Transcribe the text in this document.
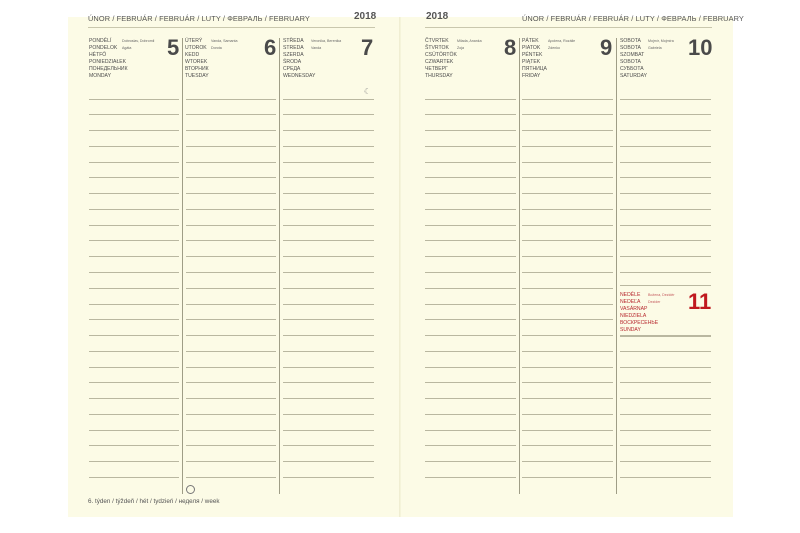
ÚNOR / FEBRUÁR / FEBRUÁR / LUTY / ФЕВРАЛЬ / FEBRUARY	2018	2018	ÚNOR / FEBRUÁR / FEBRUÁR / LUTY / ФЕВРАЛЬ / FEBRUARY
PONDĚLÍ
PONDELOK
HÉTFŐ
PONIEDZIAŁEK
ПОНЕДЕЛЬНИК
MONDAY
Dobroslav, Dobromil
Agáta	5 ÚTERÝ
UTOROK
KEDD
WTOREK
ВТОРНИК
TUESDAY
Vanda, Samanta
Dorota	6 STŘEDA
STREDA
SZERDA
ŚRODA
СРЕДА
WEDNESDAY
Veronika, Berenika
Vanda	7
☾
ČTVRTEK
ŠTVRTOK
CSÜTÖRTÖK
CZWARTEK
ЧЕТВЕРГ
THURSDAY
Milada, Ananka
Zoja	8 PÁTEK
PIATOK
PÉNTEK
PIĄTEK
ПЯТНИЦА
FRIDAY
Apolena, Rozálie
Zdenko	9 SOBOTA
SOBOTA
SZOMBAT
SOBOTA
СУББОТА
SATURDAY
Mojmír, Mojmíra
Gabriela	10
NEDĚLE
NEDEĽA
VASÁRNAP
NIEDZIELA
ВОСКРЕСЕНЬЕ
SUNDAY
Božena, Dezidér
Dezider	11
6. týden / týždeň / hét / tydzień / неделя / week
